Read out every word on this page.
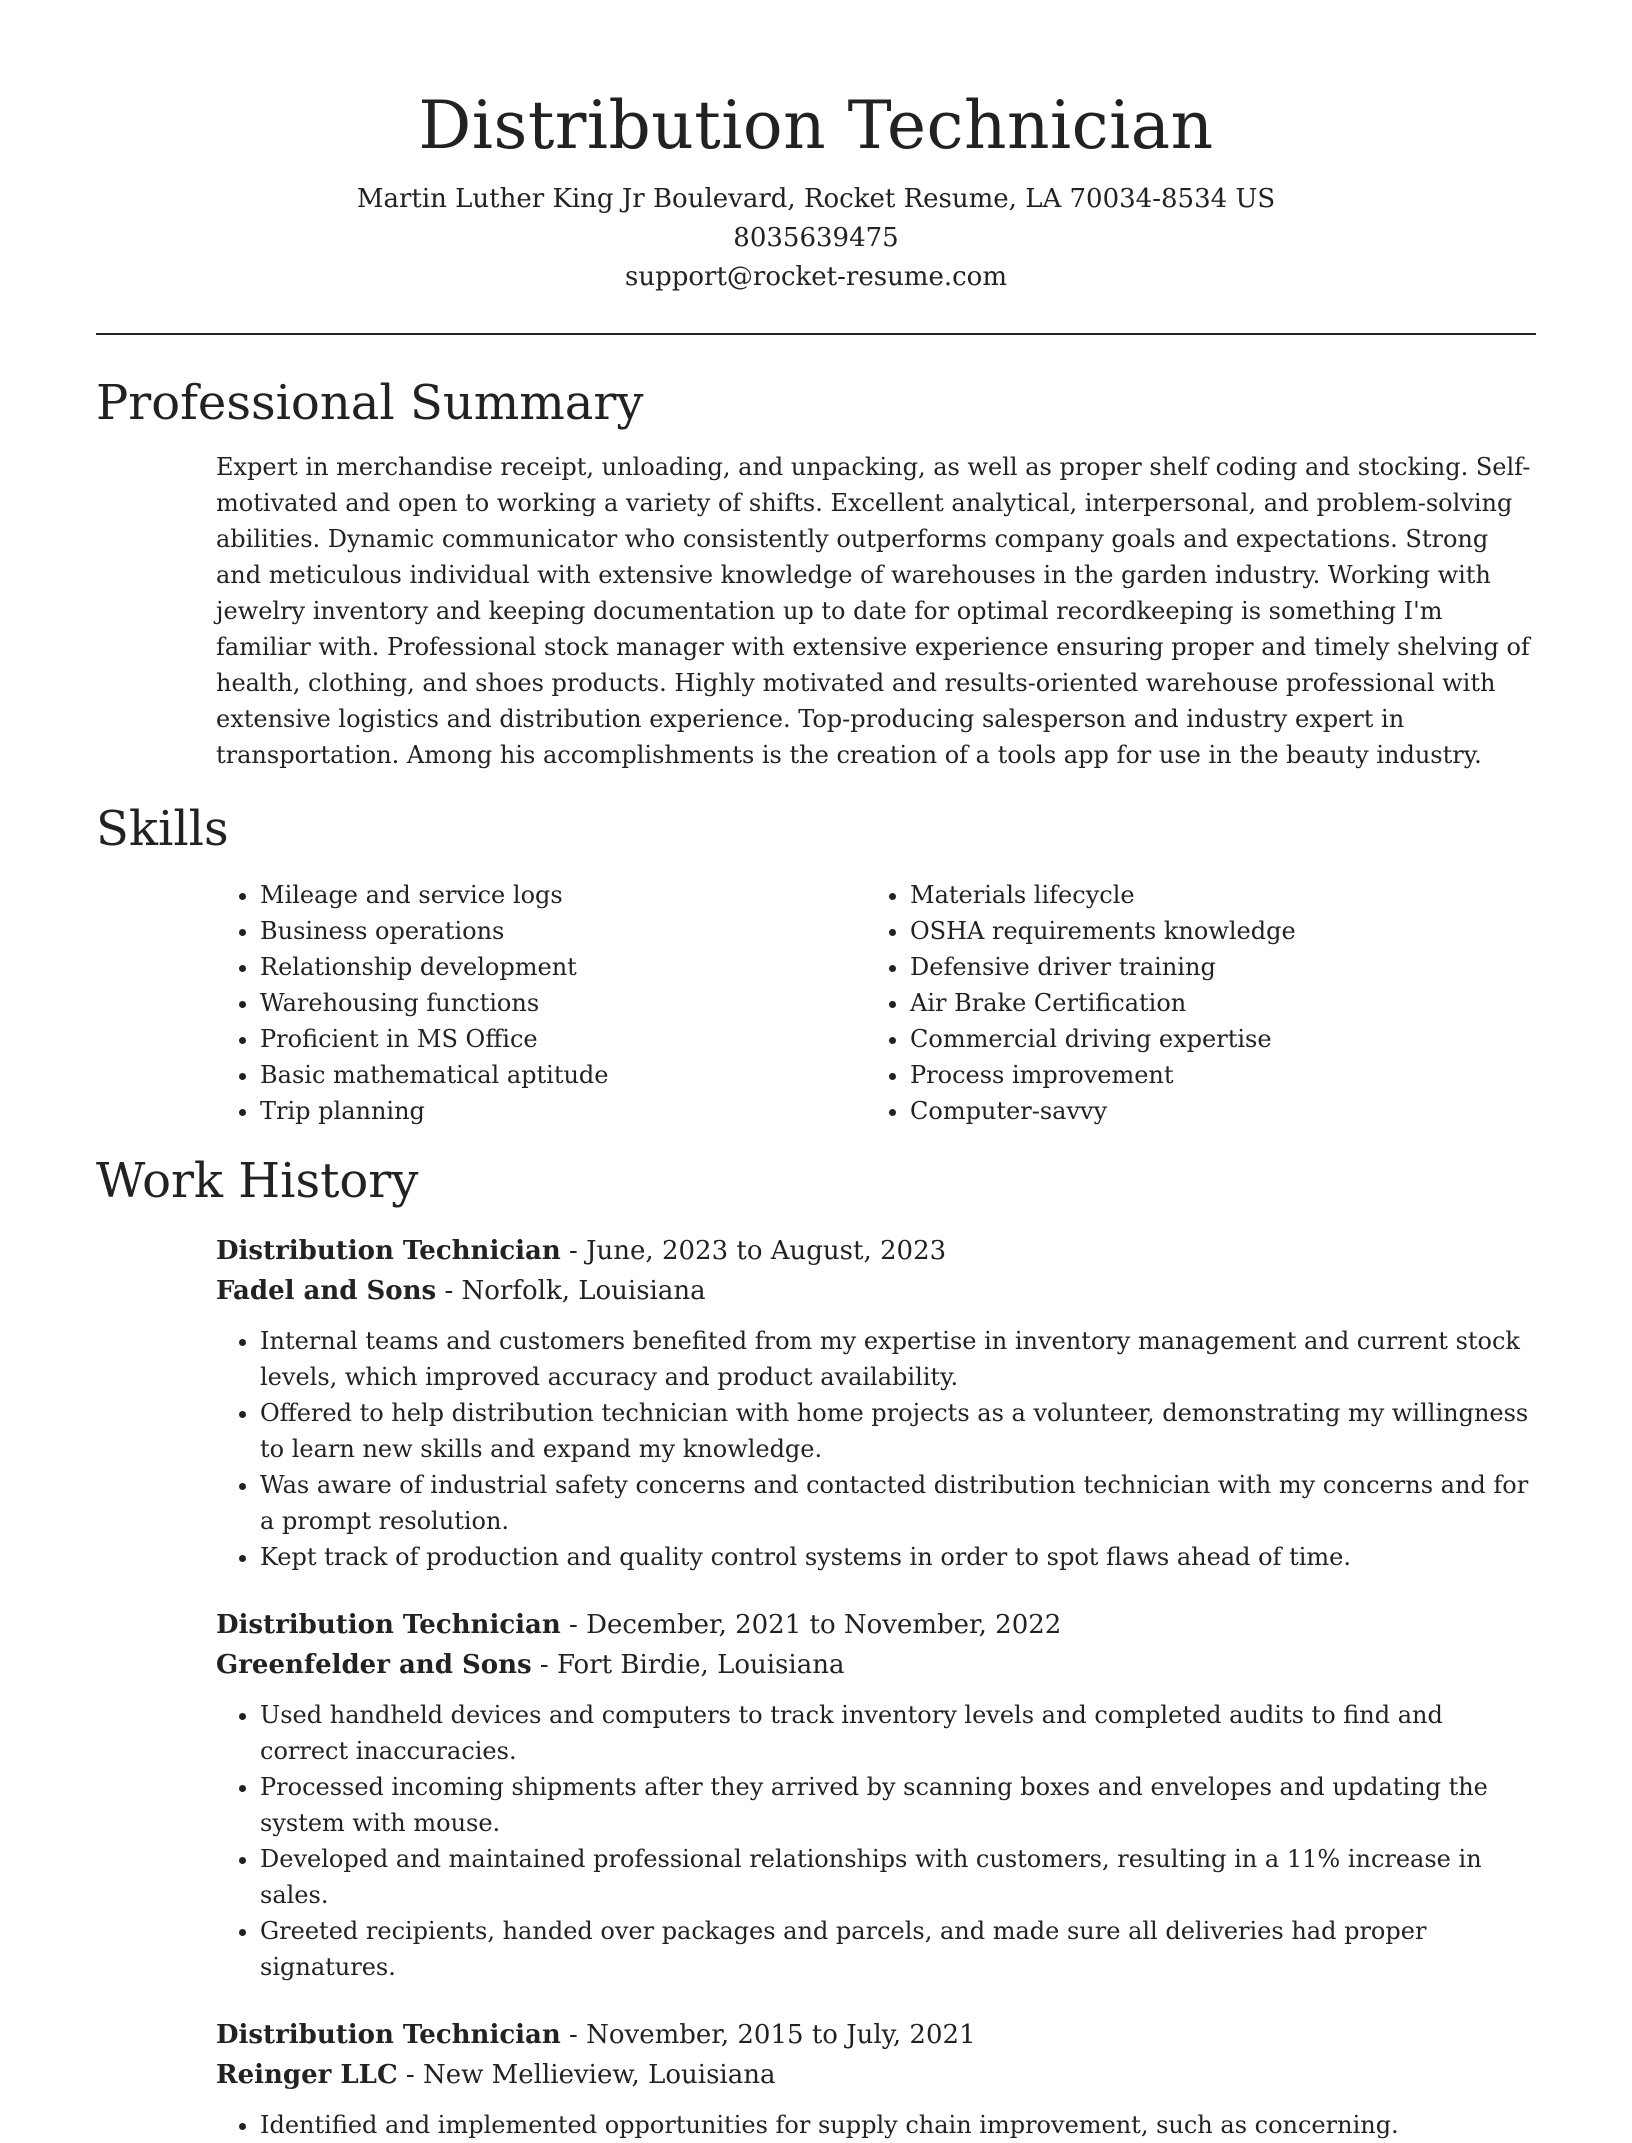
Distribution Technician

Martin Luther King Jr Boulevard, Rocket Resume, LA 70034-8534 US

8035639475

support@rocket-resume.com

Professional Summary

Expert in merchandise receipt, unloading, and unpacking, as well as proper shelf coding and stocking. Self-motivated and open to working a variety of shifts. Excellent analytical, interpersonal, and problem-solving abilities. Dynamic communicator who consistently outperforms company goals and expectations. Strong and meticulous individual with extensive knowledge of warehouses in the garden industry. Working with jewelry inventory and keeping documentation up to date for optimal recordkeeping is something I'm familiar with. Professional stock manager with extensive experience ensuring proper and timely shelving of health, clothing, and shoes products. Highly motivated and results-oriented warehouse professional with extensive logistics and distribution experience. Top-producing salesperson and industry expert in transportation. Among his accomplishments is the creation of a tools app for use in the beauty industry.

Skills
• Mileage and service logs
• Business operations
• Relationship development
• Warehousing functions
• Proficient in MS Office
• Basic mathematical aptitude
• Trip planning
• Materials lifecycle
• OSHA requirements knowledge
• Defensive driver training
• Air Brake Certification
• Commercial driving expertise
• Process improvement
• Computer-savvy
Work History

Distribution Technician - June, 2023 to August, 2023

Fadel and Sons - Norfolk, Louisiana

• Internal teams and customers benefited from my expertise in inventory management and current stock levels, which improved accuracy and product availability.
• Offered to help distribution technician with home projects as a volunteer, demonstrating my willingness to learn new skills and expand my knowledge.
• Was aware of industrial safety concerns and contacted distribution technician with my concerns and for a prompt resolution.
• Kept track of production and quality control systems in order to spot flaws ahead of time.

Distribution Technician - December, 2021 to November, 2022

Greenfelder and Sons - Fort Birdie, Louisiana

• Used handheld devices and computers to track inventory levels and completed audits to find and correct inaccuracies.
• Processed incoming shipments after they arrived by scanning boxes and envelopes and updating the system with mouse.
• Developed and maintained professional relationships with customers, resulting in a 11% increase in sales.
• Greeted recipients, handed over packages and parcels, and made sure all deliveries had proper signatures.

Distribution Technician - November, 2015 to July, 2021

Reinger LLC - New Mellieview, Louisiana

• Identified and implemented opportunities for supply chain improvement, such as concerning.
